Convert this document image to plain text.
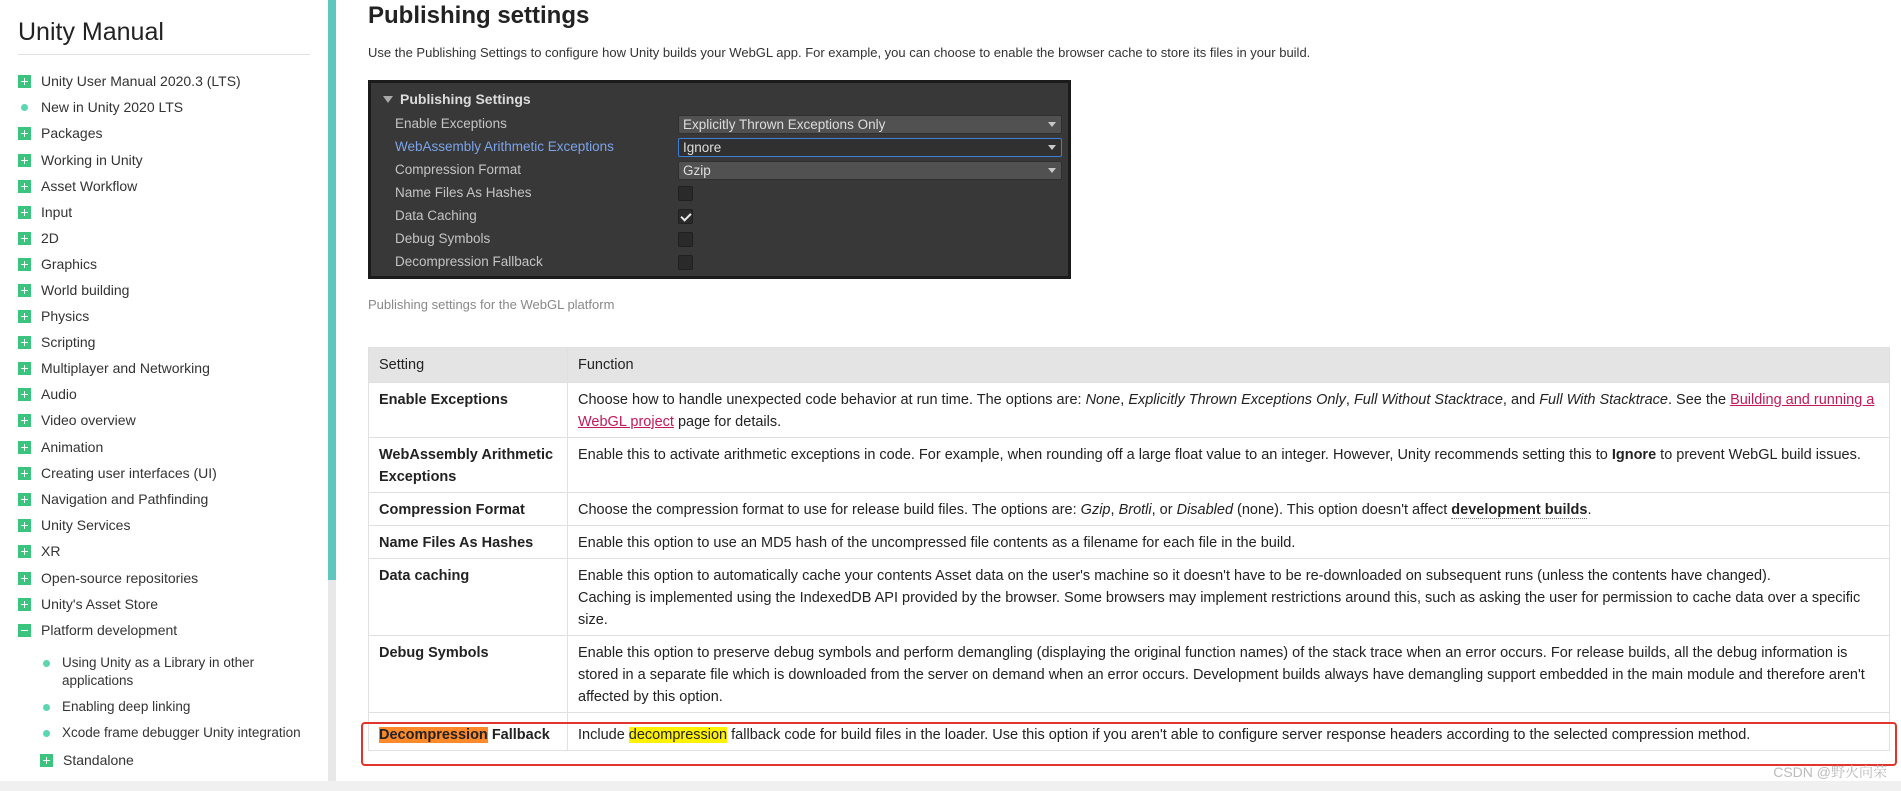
Unity Manual
Unity User Manual 2020.3 (LTS)
New in Unity 2020 LTS
Packages
Working in Unity
Asset Workflow
Input
2D
Graphics
World building
Physics
Scripting
Multiplayer and Networking
Audio
Video overview
Animation
Creating user interfaces (UI)
Navigation and Pathfinding
Unity Services
XR
Open-source repositories
Unity's Asset Store
Platform development
Using Unity as a Library in other applications
Enabling deep linking
Xcode frame debugger Unity integration
Standalone
Publishing settings
Use the Publishing Settings to configure how Unity builds your WebGL app. For example, you can choose to enable the browser cache to store its files in your build.
Publishing Settings
Enable Exceptions	Explicitly Thrown Exceptions Only
WebAssembly Arithmetic Exceptions	Ignore
Compression Format	Gzip
Name Files As Hashes
Data Caching
Debug Symbols
Decompression Fallback
Publishing settings for the WebGL platform
Setting	Function
Enable Exceptions	Choose how to handle unexpected code behavior at run time. The options are: None, Explicitly Thrown Exceptions Only, Full Without Stacktrace, and Full With Stacktrace. See the Building and running a WebGL project page for details.
WebAssembly Arithmetic Exceptions	Enable this to activate arithmetic exceptions in code. For example, when rounding off a large float value to an integer. However, Unity recommends setting this to Ignore to prevent WebGL build issues.
Compression Format	Choose the compression format to use for release build files. The options are: Gzip, Brotli, or Disabled (none). This option doesn't affect development builds.
Name Files As Hashes	Enable this option to use an MD5 hash of the uncompressed file contents as a filename for each file in the build.
Data caching	Enable this option to automatically cache your contents Asset data on the user's machine so it doesn't have to be re-downloaded on subsequent runs (unless the contents have changed).
Caching is implemented using the IndexedDB API provided by the browser. Some browsers may implement restrictions around this, such as asking the user for permission to cache data over a specific size.

Debug Symbols	Enable this option to preserve debug symbols and perform demangling (displaying the original function names) of the stack trace when an error occurs. For release builds, all the debug information is stored in a separate file which is downloaded from the server on demand when an error occurs. Development builds always have demangling support embedded in the main module and therefore aren't affected by this option.
Decompression Fallback	Include decompression fallback code for build files in the loader. Use this option if you aren't able to configure server response headers according to the selected compression method.
CSDN @野火向荣
